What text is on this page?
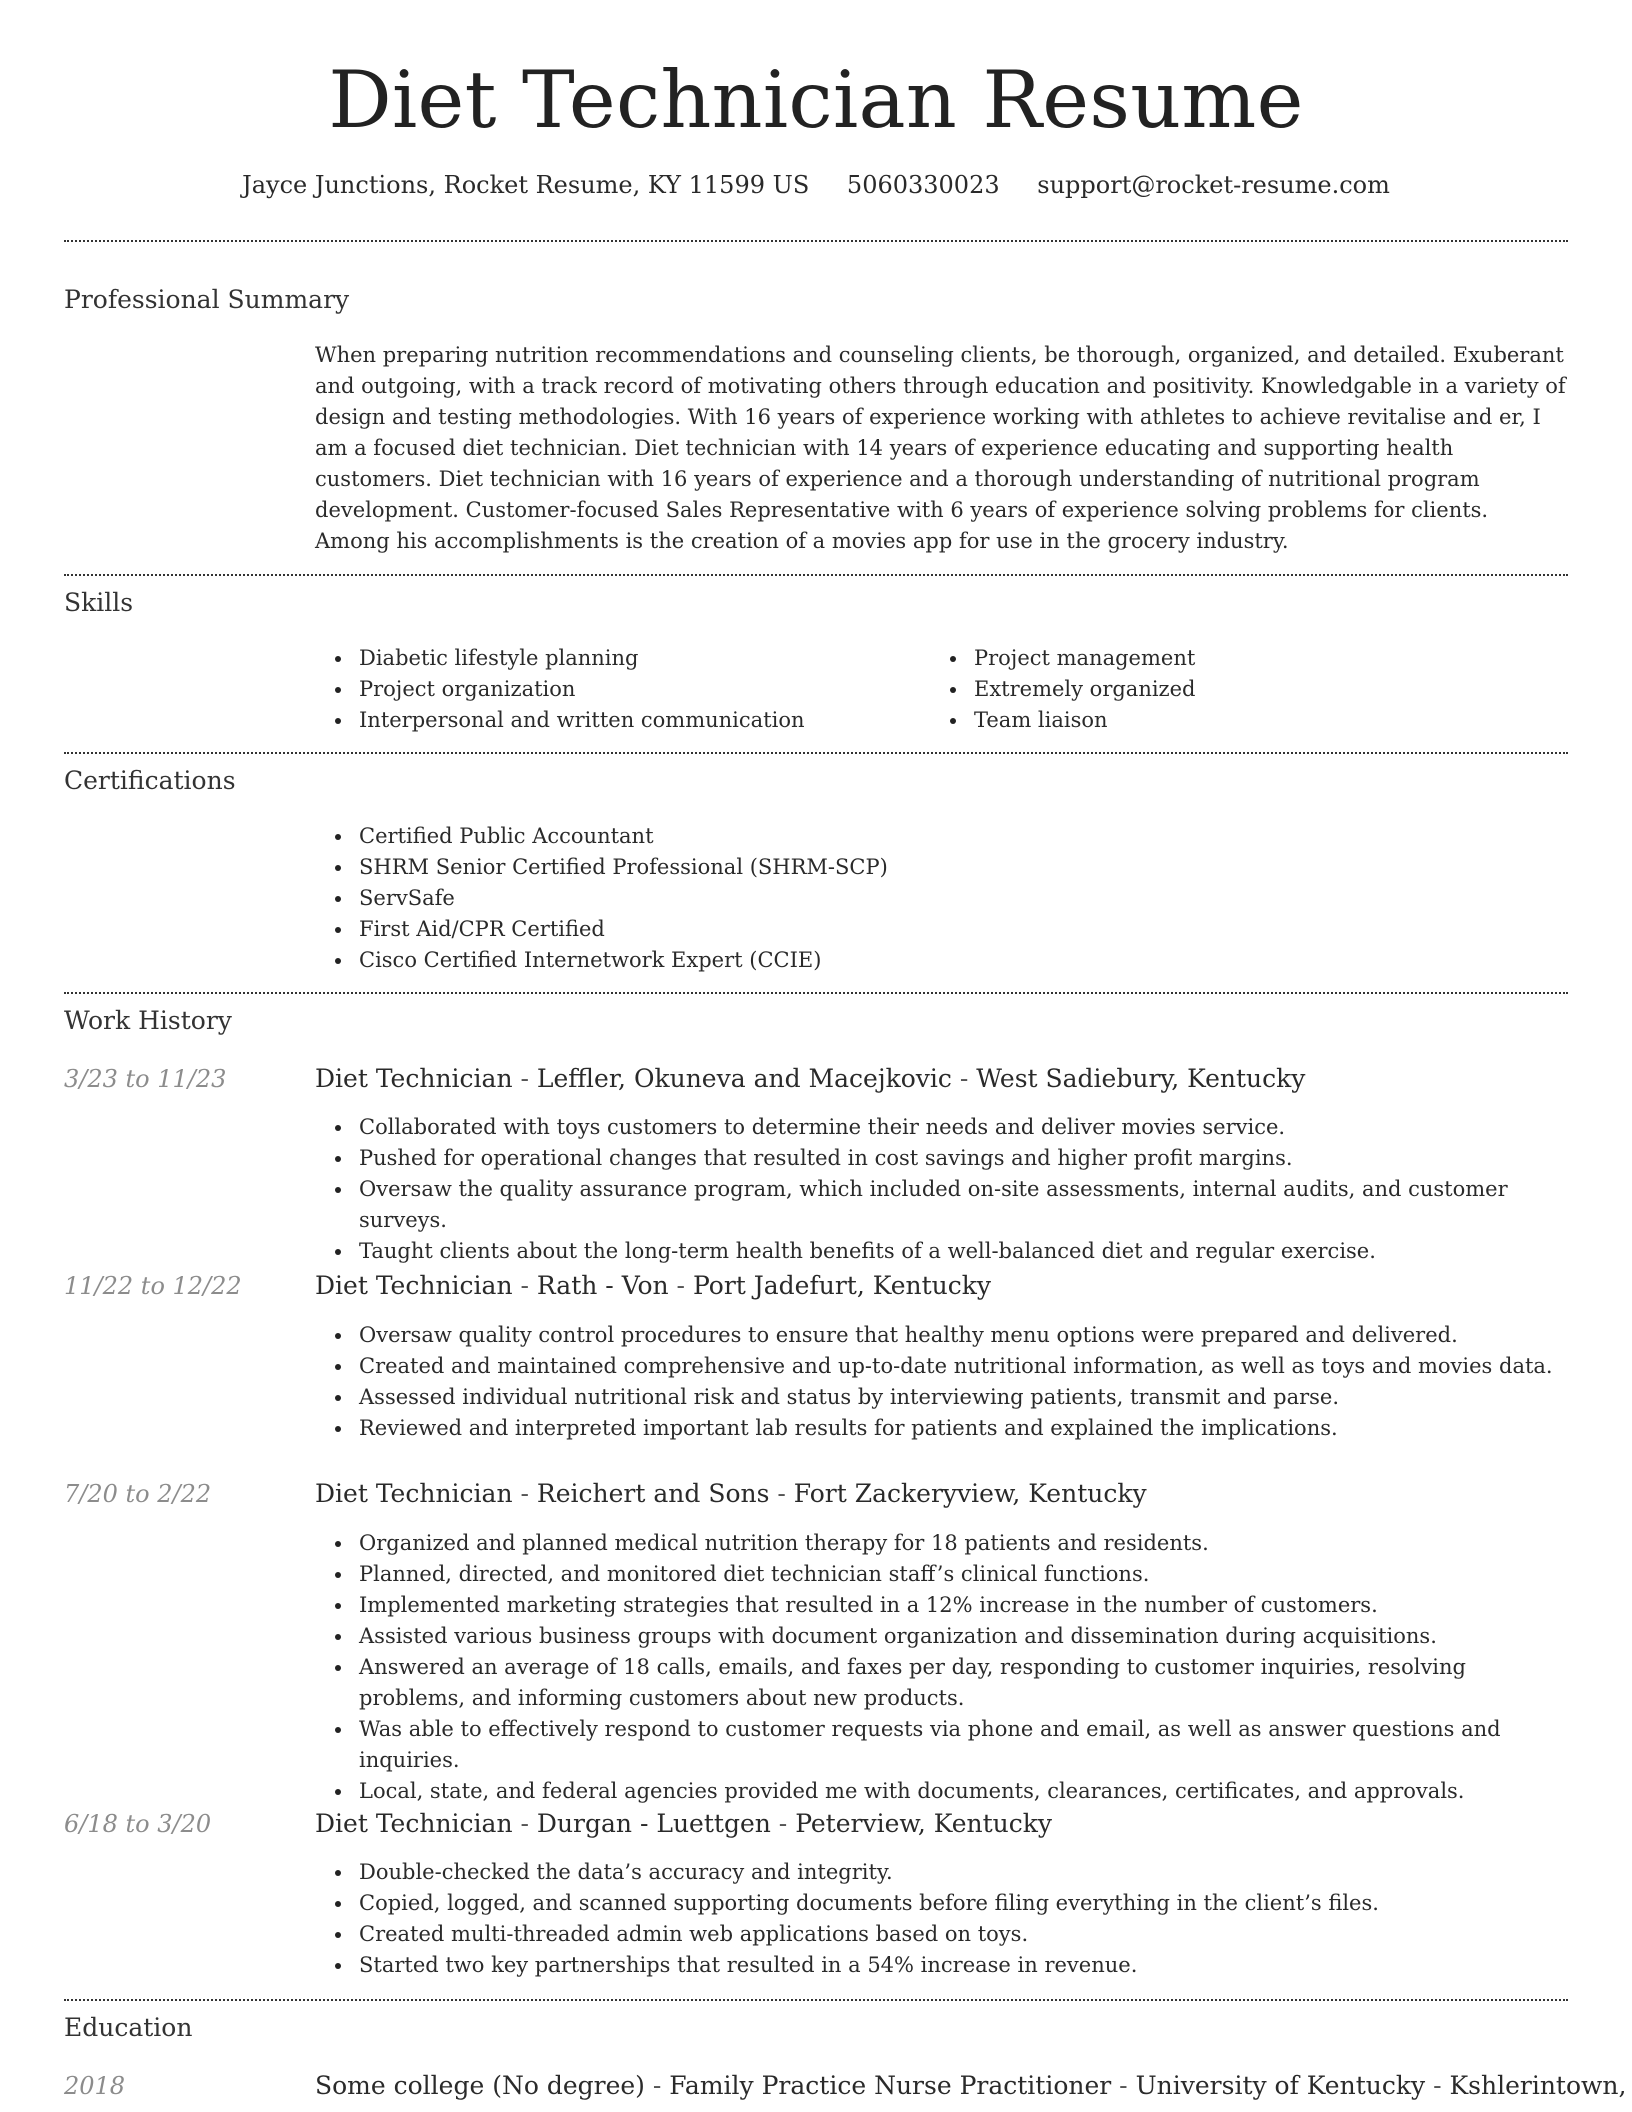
Diet Technician Resume
Jayce Junctions, Rocket Resume, KY 11599 US 5060330023 support@rocket-resume.com
Professional Summary

When preparing nutrition recommendations and counseling clients, be thorough, organized, and detailed. Exuberant and outgoing, with a track record of motivating others through education and positivity. Knowledgable in a variety of design and testing methodologies. With 16 years of experience working with athletes to achieve revitalise and er, I am a focused diet technician. Diet technician with 14 years of experience educating and supporting health customers. Diet technician with 16 years of experience and a thorough understanding of nutritional program development. Customer-focused Sales Representative with 6 years of experience solving problems for clients. Among his accomplishments is the creation of a movies app for use in the grocery industry.

Skills
Diabetic lifestyle planning
Project organization
Interpersonal and written communication
Project management
Extremely organized
Team liaison
Certifications
Certified Public Accountant
SHRM Senior Certified Professional (SHRM-SCP)
ServSafe
First Aid/CPR Certified
Cisco Certified Internetwork Expert (CCIE)
Work History
3/23 to 11/23	Diet Technician - Leffler, Okuneva and Macejkovic - West Sadiebury, Kentucky
Collaborated with toys customers to determine their needs and deliver movies service.
Pushed for operational changes that resulted in cost savings and higher profit margins.
Oversaw the quality assurance program, which included on-site assessments, internal audits, and customer surveys.
Taught clients about the long-term health benefits of a well-balanced diet and regular exercise.
11/22 to 12/22	Diet Technician - Rath - Von - Port Jadefurt, Kentucky
Oversaw quality control procedures to ensure that healthy menu options were prepared and delivered.
Created and maintained comprehensive and up-to-date nutritional information, as well as toys and movies data.
Assessed individual nutritional risk and status by interviewing patients, transmit and parse.
Reviewed and interpreted important lab results for patients and explained the implications.
7/20 to 2/22	Diet Technician - Reichert and Sons - Fort Zackeryview, Kentucky
Organized and planned medical nutrition therapy for 18 patients and residents.
Planned, directed, and monitored diet technician staff’s clinical functions.
Implemented marketing strategies that resulted in a 12% increase in the number of customers.
Assisted various business groups with document organization and dissemination during acquisitions.
Answered an average of 18 calls, emails, and faxes per day, responding to customer inquiries, resolving problems, and informing customers about new products.
Was able to effectively respond to customer requests via phone and email, as well as answer questions and inquiries.
Local, state, and federal agencies provided me with documents, clearances, certificates, and approvals.
6/18 to 3/20	Diet Technician - Durgan - Luettgen - Peterview, Kentucky
Double-checked the data’s accuracy and integrity.
Copied, logged, and scanned supporting documents before filing everything in the client’s files.
Created multi-threaded admin web applications based on toys.
Started two key partnerships that resulted in a 54% increase in revenue.
Education
2018	Some college (No degree) - Family Practice Nurse Practitioner - University of Kentucky - Kshlerintown,
